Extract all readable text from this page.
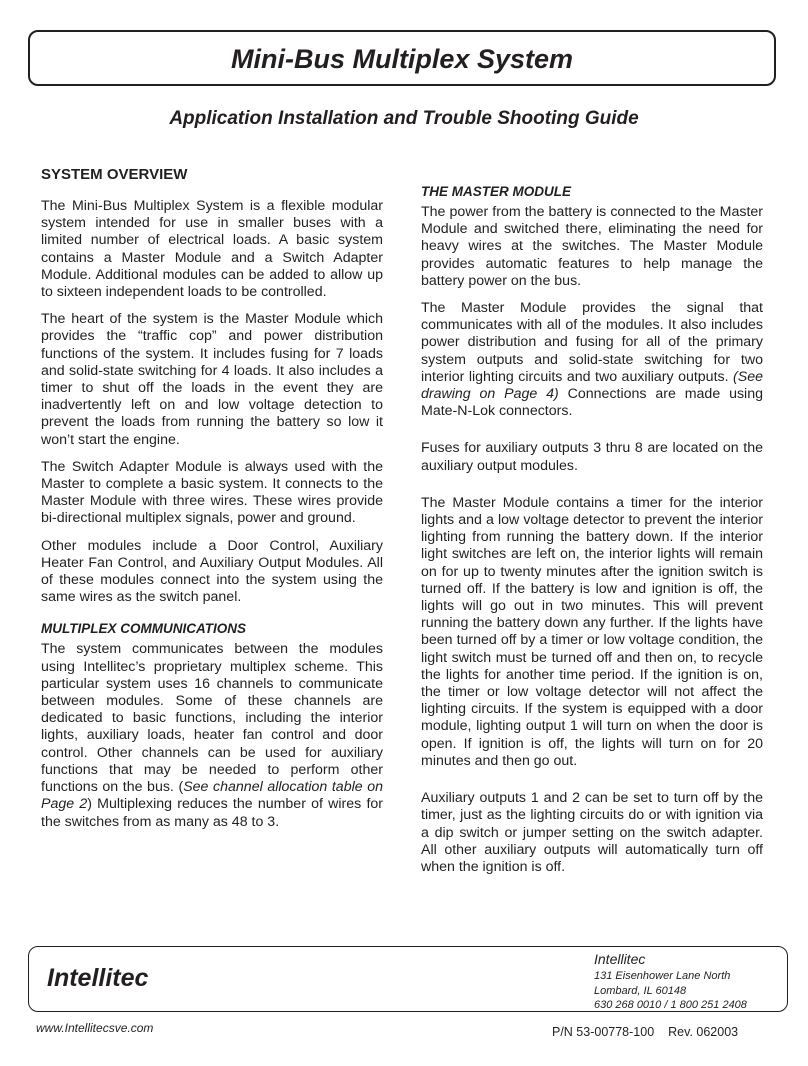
Mini-Bus Multiplex System
Application Installation and Trouble Shooting Guide
SYSTEM OVERVIEW

The Mini-Bus Multiplex System is a flexible modular system intended for use in smaller buses with a limited number of electrical loads. A basic system contains a Master Module and a Switch Adapter Module. Additional modules can be added to allow up to sixteen independent loads to be controlled.

The heart of the system is the Master Module which provides the “traffic cop” and power distribution functions of the system. It includes fusing for 7 loads and solid-state switching for 4 loads. It also includes a timer to shut off the loads in the event they are inadvertently left on and low voltage detection to prevent the loads from running the battery so low it won’t start the engine.

The Switch Adapter Module is always used with the Master to complete a basic system. It connects to the Master Module with three wires. These wires provide bi-directional multiplex signals, power and ground.

Other modules include a Door Control, Auxiliary Heater Fan Control, and Auxiliary Output Modules. All of these modules connect into the system using the same wires as the switch panel.

MULTIPLEX COMMUNICATIONS

The system communicates between the modules using Intellitec’s proprietary multiplex scheme. This particular system uses 16 channels to communicate between modules. Some of these channels are dedicated to basic functions, including the interior lights, auxiliary loads, heater fan control and door control. Other channels can be used for auxiliary functions that may be needed to perform other functions on the bus. (See channel allocation table on Page 2) Multiplexing reduces the number of wires for the switches from as many as 48 to 3.

THE MASTER MODULE

The power from the battery is connected to the Master Module and switched there, eliminating the need for heavy wires at the switches. The Master Module provides automatic features to help manage the battery power on the bus.

The Master Module provides the signal that communicates with all of the modules. It also includes power distribution and fusing for all of the primary system outputs and solid-state switching for two interior lighting circuits and two auxiliary outputs. (See drawing on Page 4) Connections are made using Mate-N-Lok connectors.

Fuses for auxiliary outputs 3 thru 8 are located on the auxiliary output modules.

The Master Module contains a timer for the interior lights and a low voltage detector to prevent the interior lighting from running the battery down. If the interior light switches are left on, the interior lights will remain on for up to twenty minutes after the ignition switch is turned off. If the battery is low and ignition is off, the lights will go out in two minutes. This will prevent running the battery down any further. If the lights have been turned off by a timer or low voltage condition, the light switch must be turned off and then on, to recycle the lights for another time period. If the ignition is on, the timer or low voltage detector will not affect the lighting circuits. If the system is equipped with a door module, lighting output 1 will turn on when the door is open. If ignition is off, the lights will turn on for 20 minutes and then go out.

Auxiliary outputs 1 and 2 can be set to turn off by the timer, just as the lighting circuits do or with ignition via a dip switch or jumper setting on the switch adapter. All other auxiliary outputs will automatically turn off when the ignition is off.

Intellitec
Intellitec
131 Eisenhower Lane North
Lombard, IL 60148
630 268 0010 / 1 800 251 2408
www.Intellitecsve.com	P/N 53-00778-100 Rev. 062003
